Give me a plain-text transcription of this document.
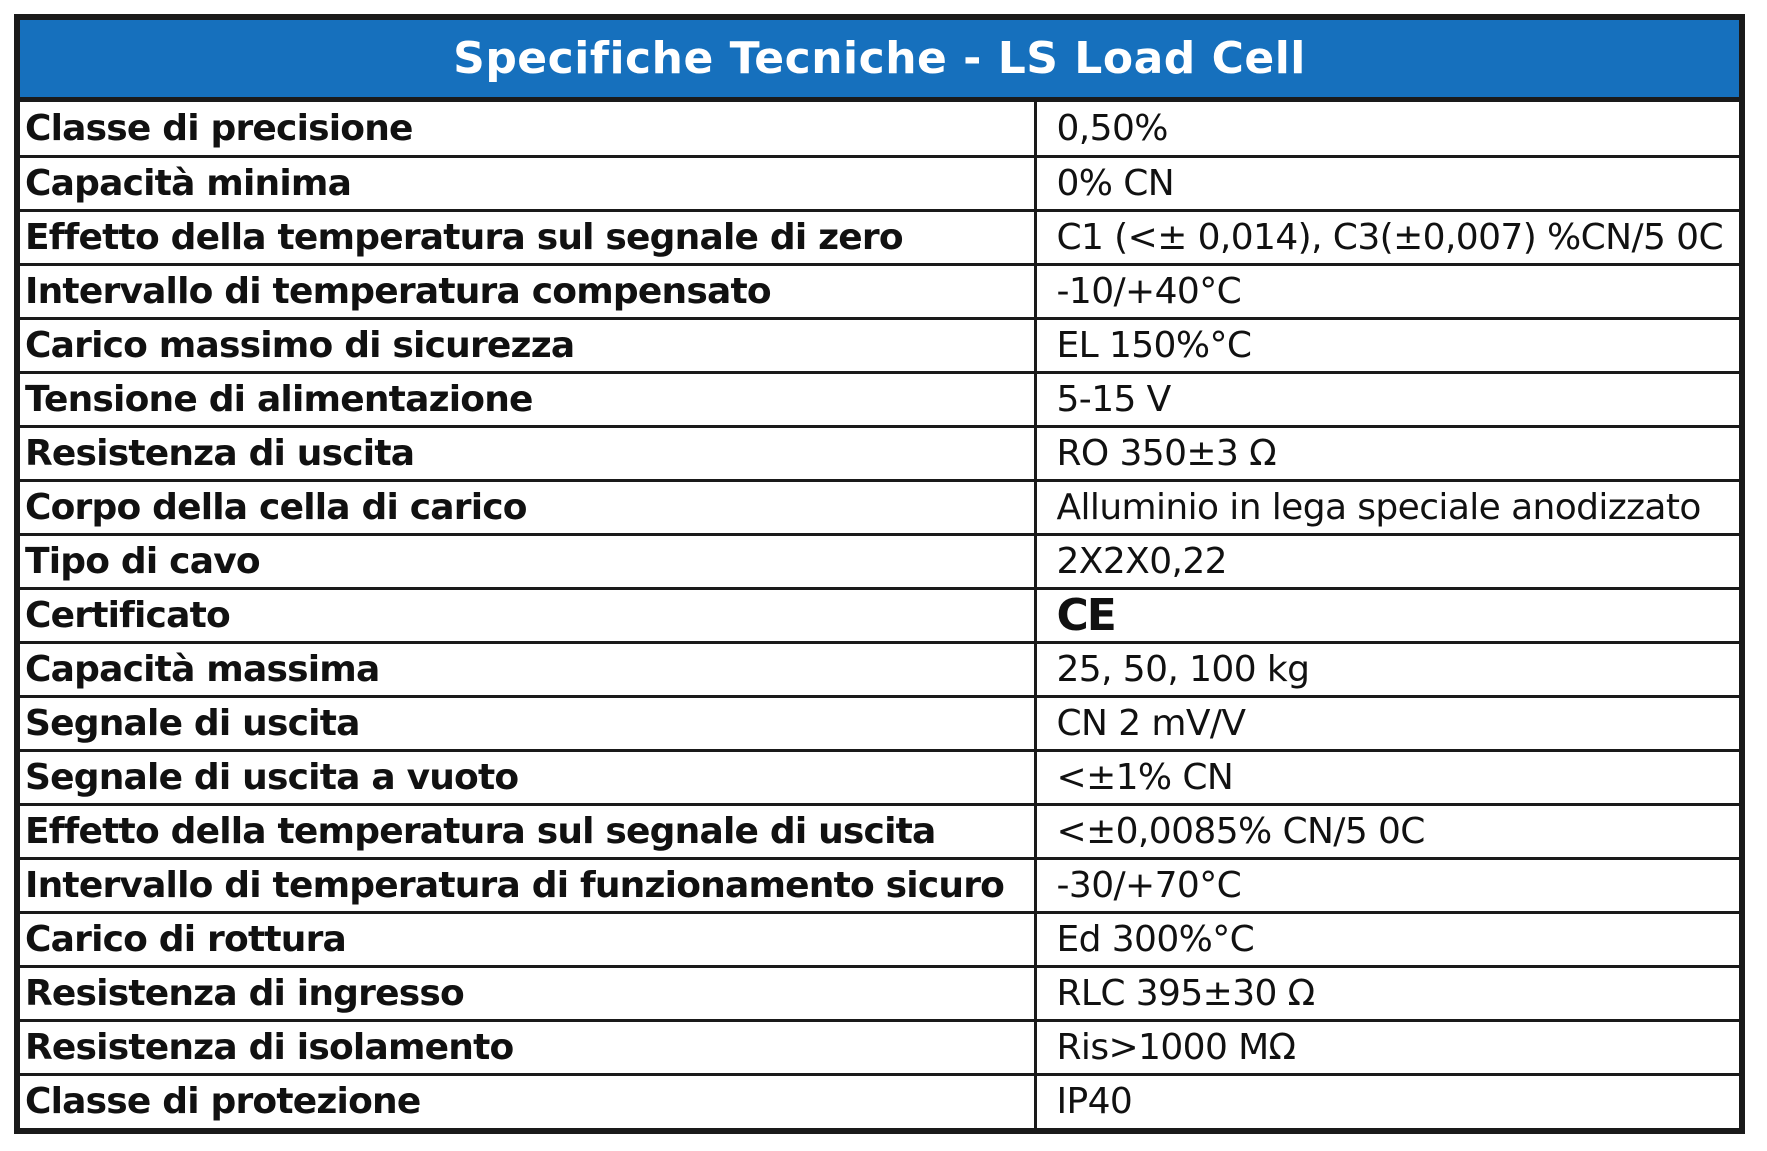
Specifiche Tecniche - LS Load Cell
Classe di precisione	0,50%
Capacità minima	0% CN
Effetto della temperatura sul segnale di zero	C1 (<± 0,014), C3(±0,007) %CN/5 0C
Intervallo di temperatura compensato	-10/+40°C
Carico massimo di sicurezza	EL 150%°C
Tensione di alimentazione	5-15 V
Resistenza di uscita	RO 350±3 Ω
Corpo della cella di carico	Alluminio in lega speciale anodizzato
Tipo di cavo	2X2X0,22
Certificato	CE
Capacità massima	25, 50, 100 kg
Segnale di uscita	CN 2 mV/V
Segnale di uscita a vuoto	<±1% CN
Effetto della temperatura sul segnale di uscita	<±0,0085% CN/5 0C
Intervallo di temperatura di funzionamento sicuro	-30/+70°C
Carico di rottura	Ed 300%°C
Resistenza di ingresso	RLC 395±30 Ω
Resistenza di isolamento	Ris>1000 MΩ
Classe di protezione	IP40
